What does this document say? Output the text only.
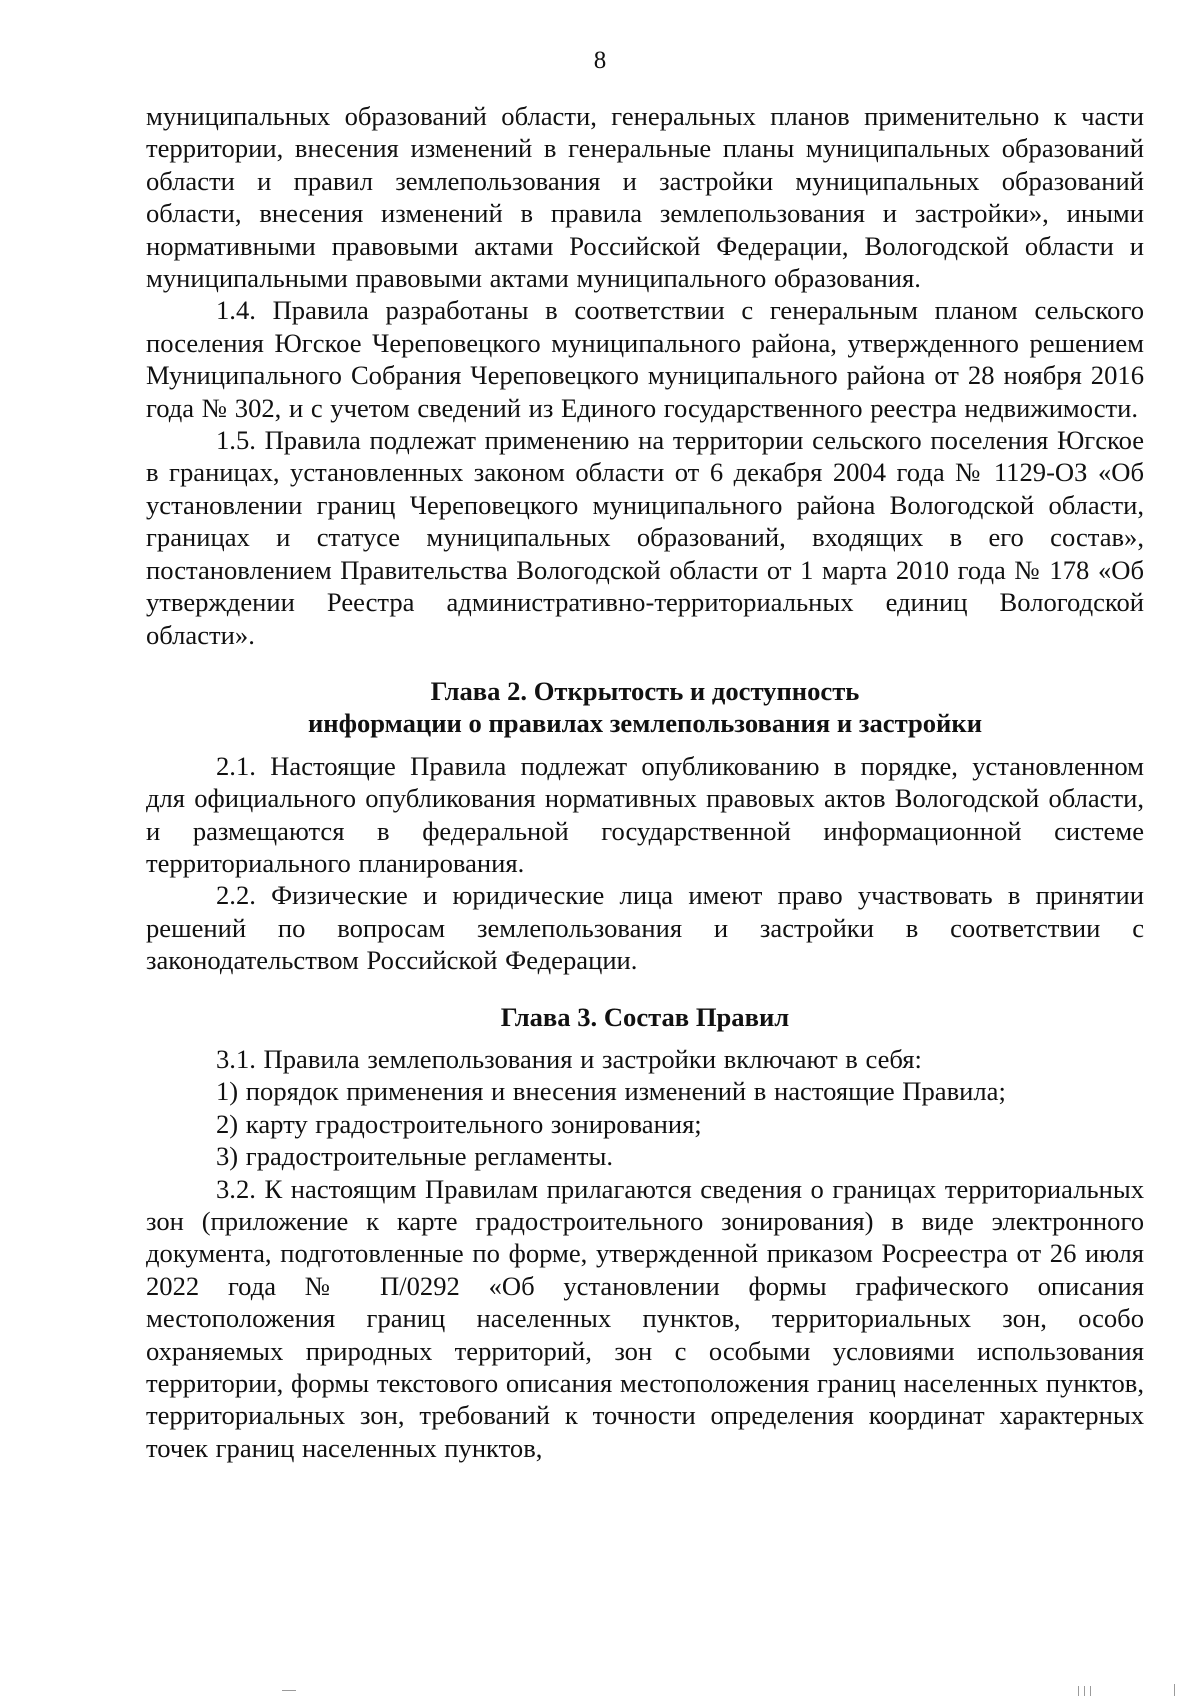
8

муниципальных образований области, генеральных планов применительно к части территории, внесения изменений в генеральные планы муниципальных образований области и правил землепользования и застройки муниципальных образований области, внесения изменений в правила землепользования и застройки», иными нормативными правовыми актами Российской Федерации, Вологодской области и муниципальными правовыми актами муниципального образования.

1.4. Правила разработаны в соответствии с генеральным планом сельского поселения Югское Череповецкого муниципального района, утвержденного решением Муниципального Собрания Череповецкого муниципального района от 28 ноября 2016 года № 302, и с учетом сведений из Единого государственного реестра недвижимости.

1.5. Правила подлежат применению на территории сельского поселения Югское в границах, установленных законом области от 6 декабря 2004 года № 1129-ОЗ «Об установлении границ Череповецкого муниципального района Вологодской области, границах и статусе муниципальных образований, входящих в его состав», постановлением Правительства Вологодской области от 1 марта 2010 года № 178 «Об утверждении Реестра административно-территориальных единиц Вологодской области».

Глава 2. Открытость и доступность

информации о правилах землепользования и застройки

2.1. Настоящие Правила подлежат опубликованию в порядке, установленном для официального опубликования нормативных правовых актов Вологодской области, и размещаются в федеральной государственной информационной системе территориального планирования.

2.2. Физические и юридические лица имеют право участвовать в принятии решений по вопросам землепользования и застройки в соответствии с законодательством Российской Федерации.

Глава 3. Состав Правил

3.1. Правила землепользования и застройки включают в себя:

1) порядок применения и внесения изменений в настоящие Правила;

2) карту градостроительного зонирования;

3) градостроительные регламенты.

3.2. К настоящим Правилам прилагаются сведения о границах территориальных зон (приложение к карте градостроительного зонирования) в виде электронного документа, подготовленные по форме, утвержденной приказом Росреестра от 26 июля 2022 года № П/0292 «Об установлении формы графического описания местоположения границ населенных пунктов, территориальных зон, особо охраняемых природных территорий, зон с особыми условиями использования территории, формы текстового описания местоположения границ населенных пунктов, территориальных зон, требований к точности определения координат характерных точек границ населенных пунктов,
